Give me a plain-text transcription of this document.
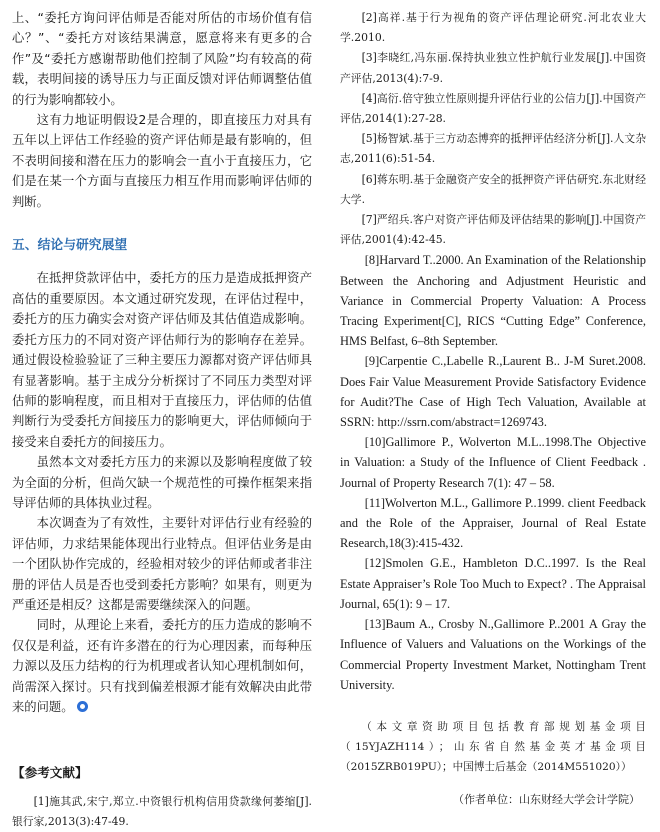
上、“委托方询问评估师是否能对所估的市场价值有信心？”、“委托方对该结果满意，愿意将来有更多的合作”及“委托方感谢帮助他们控制了风险”均有较高的荷载，表明间接的诱导压力与正面反馈对评估师调整估值的行为影响都较小。

这有力地证明假设2是合理的，即直接压力对具有五年以上评估工作经验的资产评估师是最有影响的，但不表明间接和潜在压力的影响会一直小于直接压力，它们是在某一个方面与直接压力相互作用而影响评估师的判断。

五、结论与研究展望

在抵押贷款评估中，委托方的压力是造成抵押资产高估的重要原因。本文通过研究发现，在评估过程中，委托方的压力确实会对资产评估师及其估值造成影响。委托方压力的不同对资产评估师行为的影响存在差异。通过假设检验验证了三种主要压力源都对资产评估师具有显著影响。基于主成分分析探讨了不同压力类型对评估师的影响程度，而且相对于直接压力，评估师的估值判断行为受委托方间接压力的影响更大，评估师倾向于接受来自委托方的间接压力。

虽然本文对委托方压力的来源以及影响程度做了较为全面的分析，但尚欠缺一个规范性的可操作框架来指导评估师的具体执业过程。

本次调查为了有效性，主要针对评估行业有经验的评估师，力求结果能体现出行业特点。但评估业务是由一个团队协作完成的，经验相对较少的评估师或者非注册的评估人员是否也受到委托方影响？如果有，则更为严重还是相反？这都是需要继续深入的问题。

同时，从理论上来看，委托方的压力造成的影响不仅仅是利益，还有许多潜在的行为心理因素，而每种压力源以及压力结构的行为机理或者认知心理机制如何，尚需深入探讨。只有找到偏差根源才能有效解决由此带来的问题。

【参考文献】

[1]施其武,宋宁,郑立.中资银行机构信用贷款缘何萎缩[J].银行家,2013(3):47-49.

[2]高祥.基于行为视角的资产评估理论研究.河北农业大学.2010.

[3]李晓红,冯东丽.保持执业独立性护航行业发展[J].中国资产评估,2013(4):7-9.

[4]高衍.倍守独立性原则提升评估行业的公信力[J].中国资产评估,2014(1):27-28.

[5]杨智斌.基于三方动态博弈的抵押评估经济分析[J].人文杂志,2011(6):51-54.

[6]蒋东明.基于金融资产安全的抵押资产评估研究.东北财经大学.

[7]严绍兵.客户对资产评估师及评估结果的影响[J].中国资产评估,2001(4):42-45.

[8]Harvard T..2000. An Examination of the Relationship Between the Anchoring and Adjustment Heuristic and Variance in Commercial Property Valuation: A Process Tracing Experiment[C], RICS “Cutting Edge” Conference, HMS Belfast, 6–8th September.

[9]Carpentie C.,Labelle R.,Laurent B.. J-M Suret.2008. Does Fair Value Measurement Provide Satisfactory Evidence for Audit?The Case of High Tech Valuation, Available at SSRN: http://ssrn.com/abstract=1269743.

[10]Gallimore P., Wolverton M.L..1998.The Objective in Valuation: a Study of the Influence of Client Feedback . Journal of Property Research 7(1): 47 – 58.

[11]Wolverton M.L., Gallimore P..1999. client Feedback and the Role of the Appraiser, Journal of Real Estate Research,18(3):415-432.

[12]Smolen G.E., Hambleton D.C..1997. Is the Real Estate Appraiser’s Role Too Much to Expect? . The Appraisal Journal, 65(1): 9 – 17.

[13]Baum A., Crosby N.,Gallimore P..2001 A Gray the Influence of Valuers and Valuations on the Workings of the Commercial Property Investment Market, Nottingham Trent University.

（本文章资助项目包括教育部规划基金项目（15YJAZH114）；山东省自然基金英才基金项目（2015ZRB019PU）；中国博士后基金（2014M551020））

（作者单位：山东财经大学会计学院）
